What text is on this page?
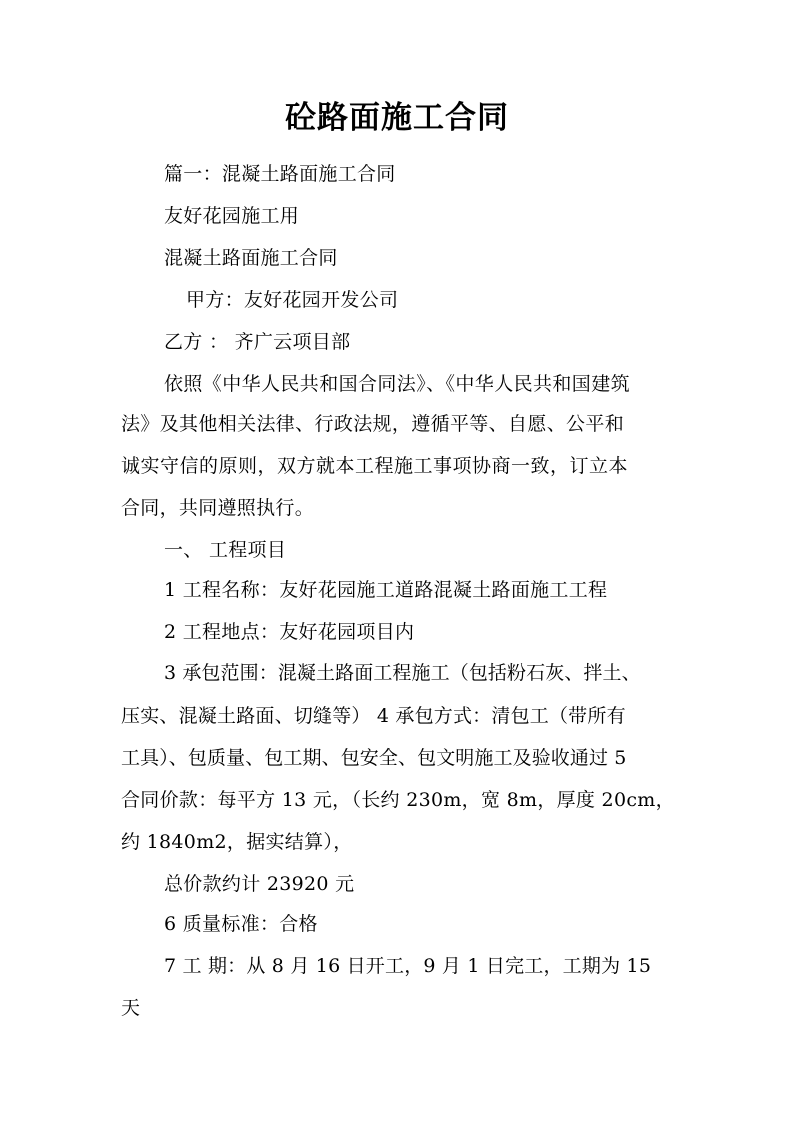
砼路面施工合同
篇一：混凝土路面施工合同
友好花园施工用
混凝土路面施工合同
甲方：友好花园开发公司
乙方 ： 齐广云项目部
依照《中华人民共和国合同法》、《中华人民共和国建筑
法》及其他相关法律、行政法规，遵循平等、自愿、公平和
诚实守信的原则，双方就本工程施工事项协商一致，订立本
合同，共同遵照执行。
一、 工程项目
1 工程名称：友好花园施工道路混凝土路面施工工程
2 工程地点：友好花园项目内
3 承包范围：混凝土路面工程施工（包括粉石灰、拌土、
压实、混凝土路面、切缝等） 4 承包方式：清包工（带所有
工具）、包质量、包工期、包安全、包文明施工及验收通过 5
合同价款：每平方 13 元，（长约 230m，宽 8m，厚度 20cm，
约 1840m2，据实结算），
总价款约计 23920 元
6 质量标准：合格
7 工 期：从 8 月 16 日开工，9 月 1 日完工，工期为 15
天
